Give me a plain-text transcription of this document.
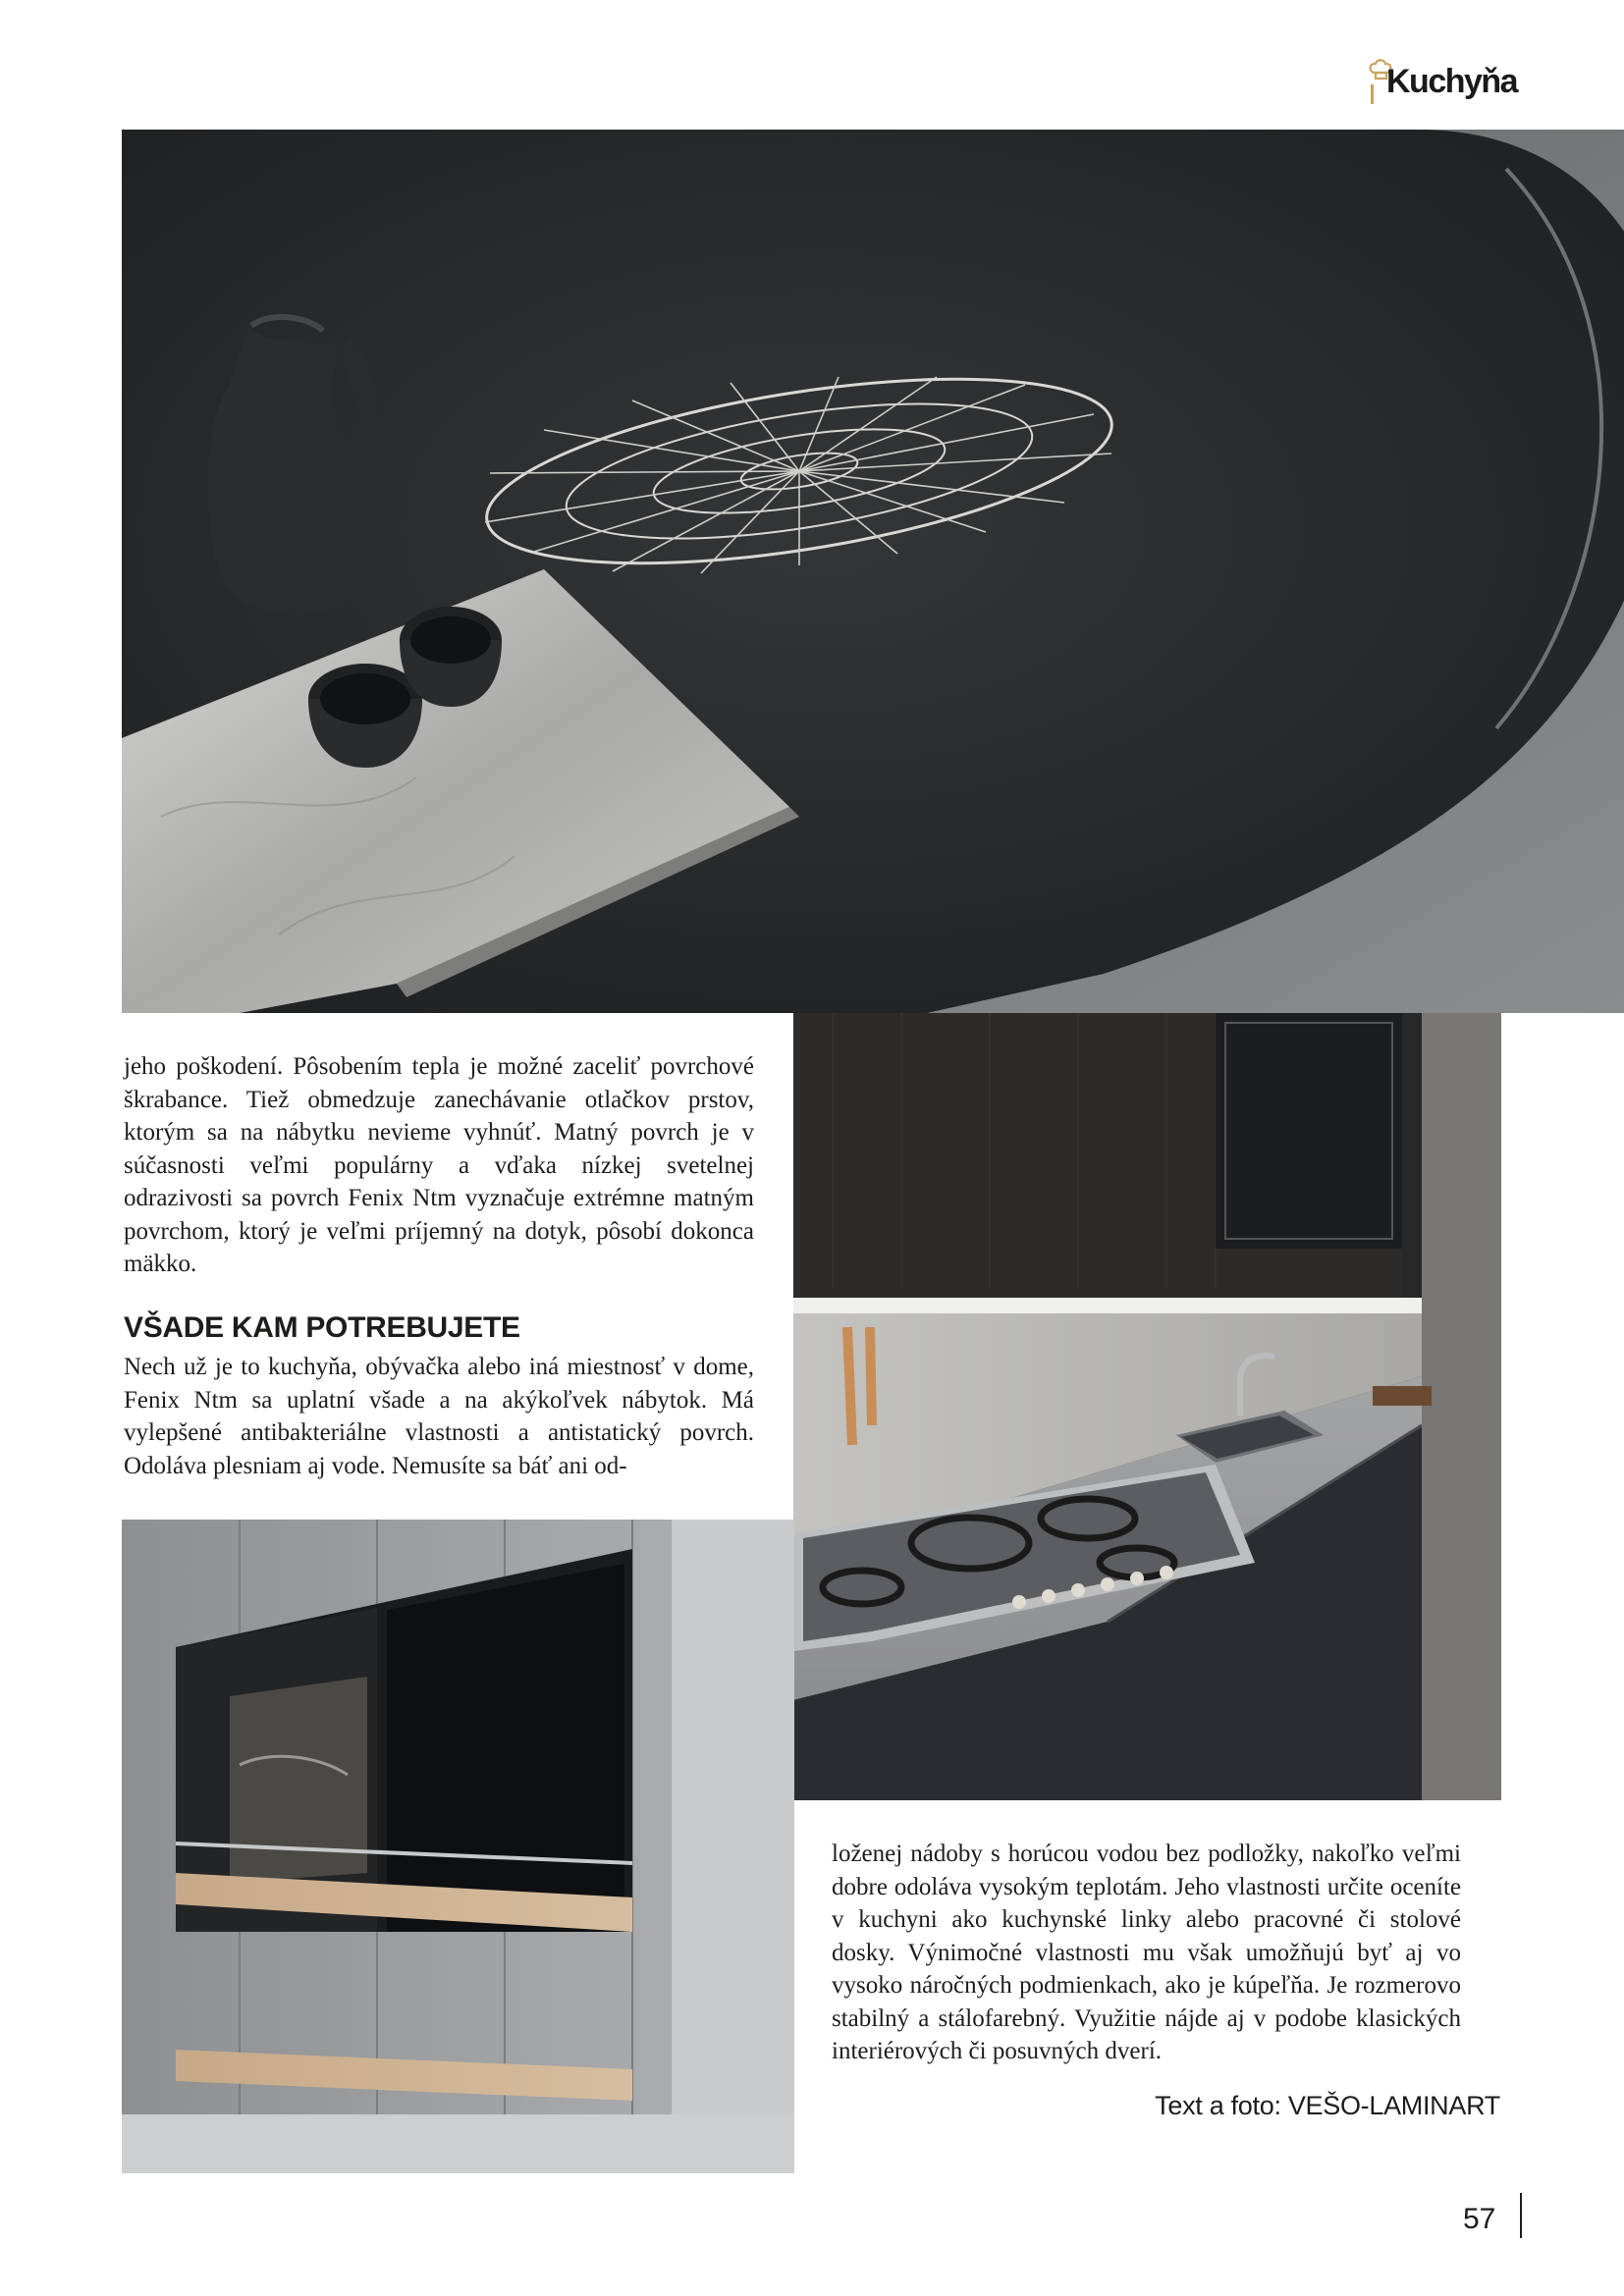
Kuchyňa

jeho poškodení. Pôsobením tepla je možné zaceliť povrchové škrabance. Tiež obmedzuje zanechávanie otlačkov prstov, ktorým sa na nábytku nevieme vyhnúť. Matný povrch je v súčasnosti veľmi populárny a vďaka nízkej svetelnej odrazivosti sa povrch Fenix Ntm vyznačuje extrémne matným povrchom, ktorý je veľmi príjemný na dotyk, pôsobí dokonca mäkko.

VŠADE KAM POTREBUJETE

Nech už je to kuchyňa, obývačka alebo iná miestnosť v dome, Fenix Ntm sa uplatní všade a na akýkoľvek nábytok. Má vylepšené antibakteriálne vlastnosti a antistatický povrch. Odoláva plesniam aj vode. Nemusíte sa báť ani od-

loženej nádoby s horúcou vodou bez podložky, nakoľko veľmi dobre odoláva vysokým teplotám. Jeho vlastnosti určite oceníte v kuchyni ako kuchynské linky alebo pracovné či stolové dosky. Výnimočné vlastnosti mu však umožňujú byť aj vo vysoko náročných podmienkach, ako je kúpeľňa. Je rozmerovo stabilný a stálofarebný. Využitie nájde aj v podobe klasických interiérových či posuvných dverí.

Text a foto: VEŠO-LAMINART
57
